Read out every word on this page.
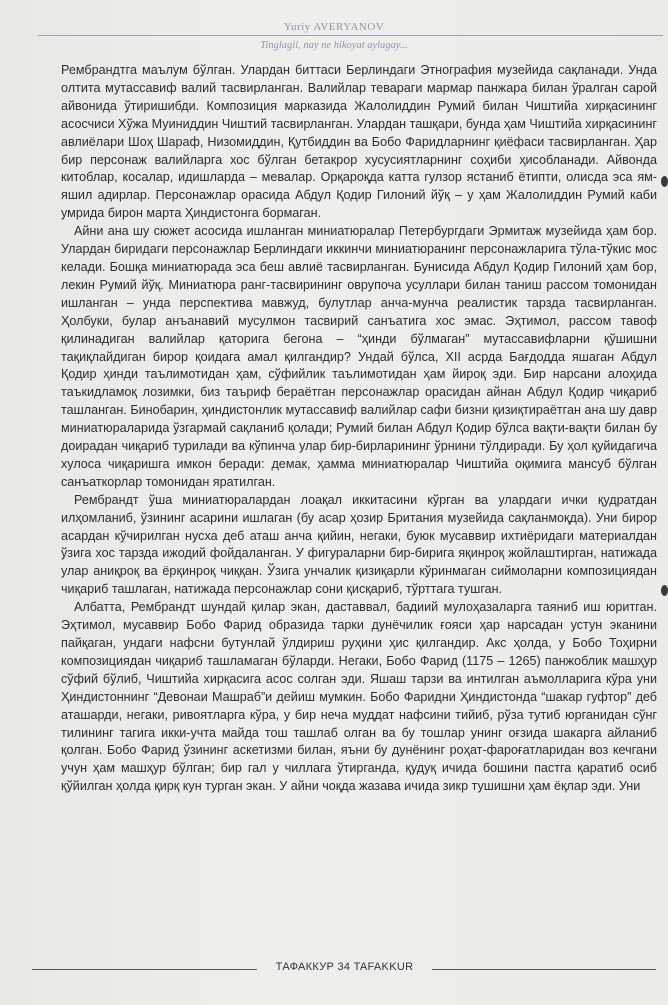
Yuriy AVERYANOV
Tinglagil, nay ne hikoyat aylagay...

Рембрандтга маълум бўлган. Улардан биттаси Берлиндаги Этнография музейида сақланади. Унда олтита мутассавиф валий тасвирланган. Валийлар тевараги мармар панжара билан ўралган сарой айвонида ўтиришибди. Композиция марказида Жалолиддин Румий билан Чиштийа хирқасининг асосчиси Хўжа Муиниддин Чиштий тасвирланган. Улардан ташқари, бунда ҳам Чиштийа хирқасининг авлиёлари Шоҳ Шараф, Низомиддин, Қутбиддин ва Бобо Фаридларнинг қиёфаси тасвирланган. Ҳар бир персонаж валийларга хос бўлган бетакрор хусусиятларнинг соҳиби ҳисобланади. Айвонда китоблар, косалар, идишларда – мевалар. Орқароқда катта гулзор ястаниб ётипти, олисда эса ям-яшил адирлар. Персонажлар орасида Абдул Қодир Гилоний йўқ – у ҳам Жалолиддин Румий каби умрида бирон марта Ҳиндистонга бормаган.

Айни ана шу сюжет асосида ишланган миниатюралар Петербургдаги Эрмитаж музейида ҳам бор. Улардан биридаги персонажлар Берлиндаги иккинчи миниатюранинг персонажларига тўла-тўкис мос келади. Бошқа миниатюрада эса беш авлиё тасвирланган. Бунисида Абдул Қодир Гилоний ҳам бор, лекин Румий йўқ. Миниатюра ранг-тасвирининг оврупоча усуллари билан таниш рассом томонидан ишланган – унда перспектива мавжуд, булутлар анча-мунча реалистик тарзда тасвирланган. Ҳолбуки, булар анъанавий мусулмон тасвирий санъатига хос эмас. Эҳтимол, рассом тавоф қилинадиган валийлар қаторига бегона – “ҳинди бўлмаган” мутассавифларни қўшишни тақиқлайдиган бирор қоидага амал қилгандир? Ундай бўлса, XII асрда Бағдодда яшаган Абдул Қодир ҳинди таълимотидан ҳам, сўфийлик таълимотидан ҳам йироқ эди. Бир нарсани алоҳида таъкидламоқ лозимки, биз таъриф бераётган персонажлар орасидан айнан Абдул Қодир чиқариб ташланган. Бинобарин, ҳиндистонлик мутассавиф валийлар сафи бизни қизиқтираётган ана шу давр миниатюраларида ўзгармай сақланиб қолади; Румий билан Абдул Қодир бўлса вақти-вақти билан бу доирадан чиқариб турилади ва кўпинча улар бир-бирларининг ўрнини тўлдиради. Бу ҳол қуйидагича хулоса чиқаришга имкон беради: демак, ҳамма миниатюралар Чиштийа оқимига мансуб бўлган санъаткорлар томонидан яратилган.

Рембрандт ўша миниатюралардан лоақал иккитасини кўрган ва улардаги ички қудратдан илҳомланиб, ўзининг асарини ишлаган (бу асар ҳозир Британия музейида сақланмоқда). Уни бирор асардан кўчирилган нусха деб аташ анча қийин, негаки, буюк мусаввир ихтиёридаги материалдан ўзига хос тарзда ижодий фойдаланган. У фигураларни бир-бирига яқинроқ жойлаштирган, натижада улар аниқроқ ва ёрқинроқ чиққан. Ўзига унчалик қизиқарли кўринмаган сиймоларни композициядан чиқариб ташлаган, натижада персонажлар сони қисқариб, тўрттага тушган.

Албатта, Рембрандт шундай қилар экан, даставвал, бадиий мулоҳазаларга таяниб иш юритган. Эҳтимол, мусаввир Бобо Фарид образида тарки дунёчилик ғояси ҳар нарсадан устун эканини пайқаган, ундаги нафсни бутунлай ўлдириш руҳини ҳис қилгандир. Акс ҳолда, у Бобо Тоҳирни композициядан чиқариб ташламаган бўларди. Негаки, Бобо Фарид (1175 – 1265) панжоблик машҳур сўфий бўлиб, Чиштийа хирқасига асос солган эди. Яшаш тарзи ва интилган аъмолларига кўра уни Ҳиндистоннинг “Девонаи Машраб”и дейиш мумкин. Бобо Фаридни Ҳиндистонда “шакар гуфтор” деб аташарди, негаки, ривоятларга кўра, у бир неча муддат нафсини тийиб, рўза тутиб юрганидан сўнг тилининг тагига икки-учта майда тош ташлаб олган ва бу тошлар унинг оғзида шакарга айланиб қолган. Бобо Фарид ўзининг аскетизми билан, яъни бу дунёнинг роҳат-фароғатларидан воз кечгани учун ҳам машҳур бўлган; бир гал у чиллага ўтирганда, қудуқ ичида бошини пастга қаратиб осиб қўйилган ҳолда қирқ кун турган экан. У айни чоқда жазава ичида зикр тушишни ҳам ёқлар эди. Уни

ТАФАККУР 34 TAFAKKUR
